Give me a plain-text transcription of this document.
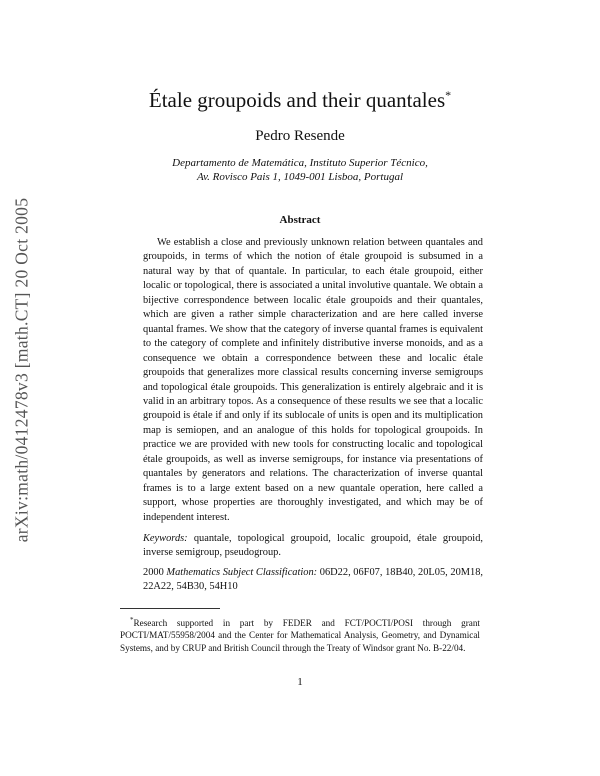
arXiv:math/0412478v3 [math.CT] 20 Oct 2005
Étale groupoids and their quantales*
Pedro Resende
Departamento de Matemática, Instituto Superior Técnico,
Av. Rovisco Pais 1, 1049-001 Lisboa, Portugal
Abstract

We establish a close and previously unknown relation between quantales and groupoids, in terms of which the notion of étale groupoid is subsumed in a natural way by that of quantale. In particular, to each étale groupoid, either localic or topological, there is associated a unital involutive quantale. We obtain a bijective correspondence between localic étale groupoids and their quantales, which are given a rather simple characterization and are here called inverse quantal frames. We show that the category of inverse quantal frames is equivalent to the category of complete and infinitely distributive inverse monoids, and as a consequence we obtain a correspondence between these and localic étale groupoids that generalizes more classical results concerning inverse semigroups and topological étale groupoids. This generalization is entirely algebraic and it is valid in an arbitrary topos. As a consequence of these results we see that a localic groupoid is étale if and only if its sublocale of units is open and its multiplication map is semiopen, and an analogue of this holds for topological groupoids. In practice we are provided with new tools for constructing localic and topological étale groupoids, as well as inverse semigroups, for instance via presentations of quantales by generators and relations. The characterization of inverse quantal frames is to a large extent based on a new quantale operation, here called a support, whose properties are thoroughly investigated, and which may be of independent interest.

Keywords: quantale, topological groupoid, localic groupoid, étale groupoid, inverse semigroup, pseudogroup.

2000 Mathematics Subject Classification: 06D22, 06F07, 18B40, 20L05, 20M18, 22A22, 54B30, 54H10

*Research supported in part by FEDER and FCT/POCTI/POSI through grant POCTI/MAT/55958/2004 and the Center for Mathematical Analysis, Geometry, and Dynamical Systems, and by CRUP and British Council through the Treaty of Windsor grant No. B-22/04.

1
